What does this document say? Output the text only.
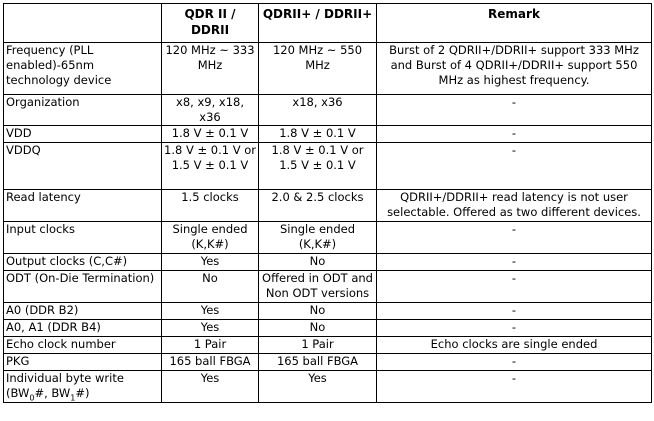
	QDR II / DDRII	QDRII+ / DDRII+	Remark
Frequency (PLL enabled)-65nm technology device	120 MHz ~ 333 MHz	120 MHz ~ 550 MHz	Burst of 2 QDRII+/DDRII+ support 333 MHz and Burst of 4 QDRII+/DDRII+ support 550 MHz as highest frequency.
Organization	x8, x9, x18, x36	x18, x36	-
VDD	1.8 V ± 0.1 V	1.8 V ± 0.1 V	-
VDDQ	1.8 V ± 0.1 V or 1.5 V ± 0.1 V	1.8 V ± 0.1 V or 1.5 V ± 0.1 V	-
Read latency	1.5 clocks	2.0 & 2.5 clocks	QDRII+/DDRII+ read latency is not user selectable. Offered as two different devices.
Input clocks	Single ended (K,K#)	Single ended (K,K#)	-
Output clocks (C,C#)	Yes	No	-
ODT (On-Die Termination)	No	Offered in ODT and Non ODT versions	-
A0 (DDR B2)	Yes	No	-
A0, A1 (DDR B4)	Yes	No	-
Echo clock number	1 Pair	1 Pair	Echo clocks are single ended
PKG	165 ball FBGA	165 ball FBGA	-
Individual byte write ($BW_0\#$, $BW_1\#$)	Yes	Yes	-
